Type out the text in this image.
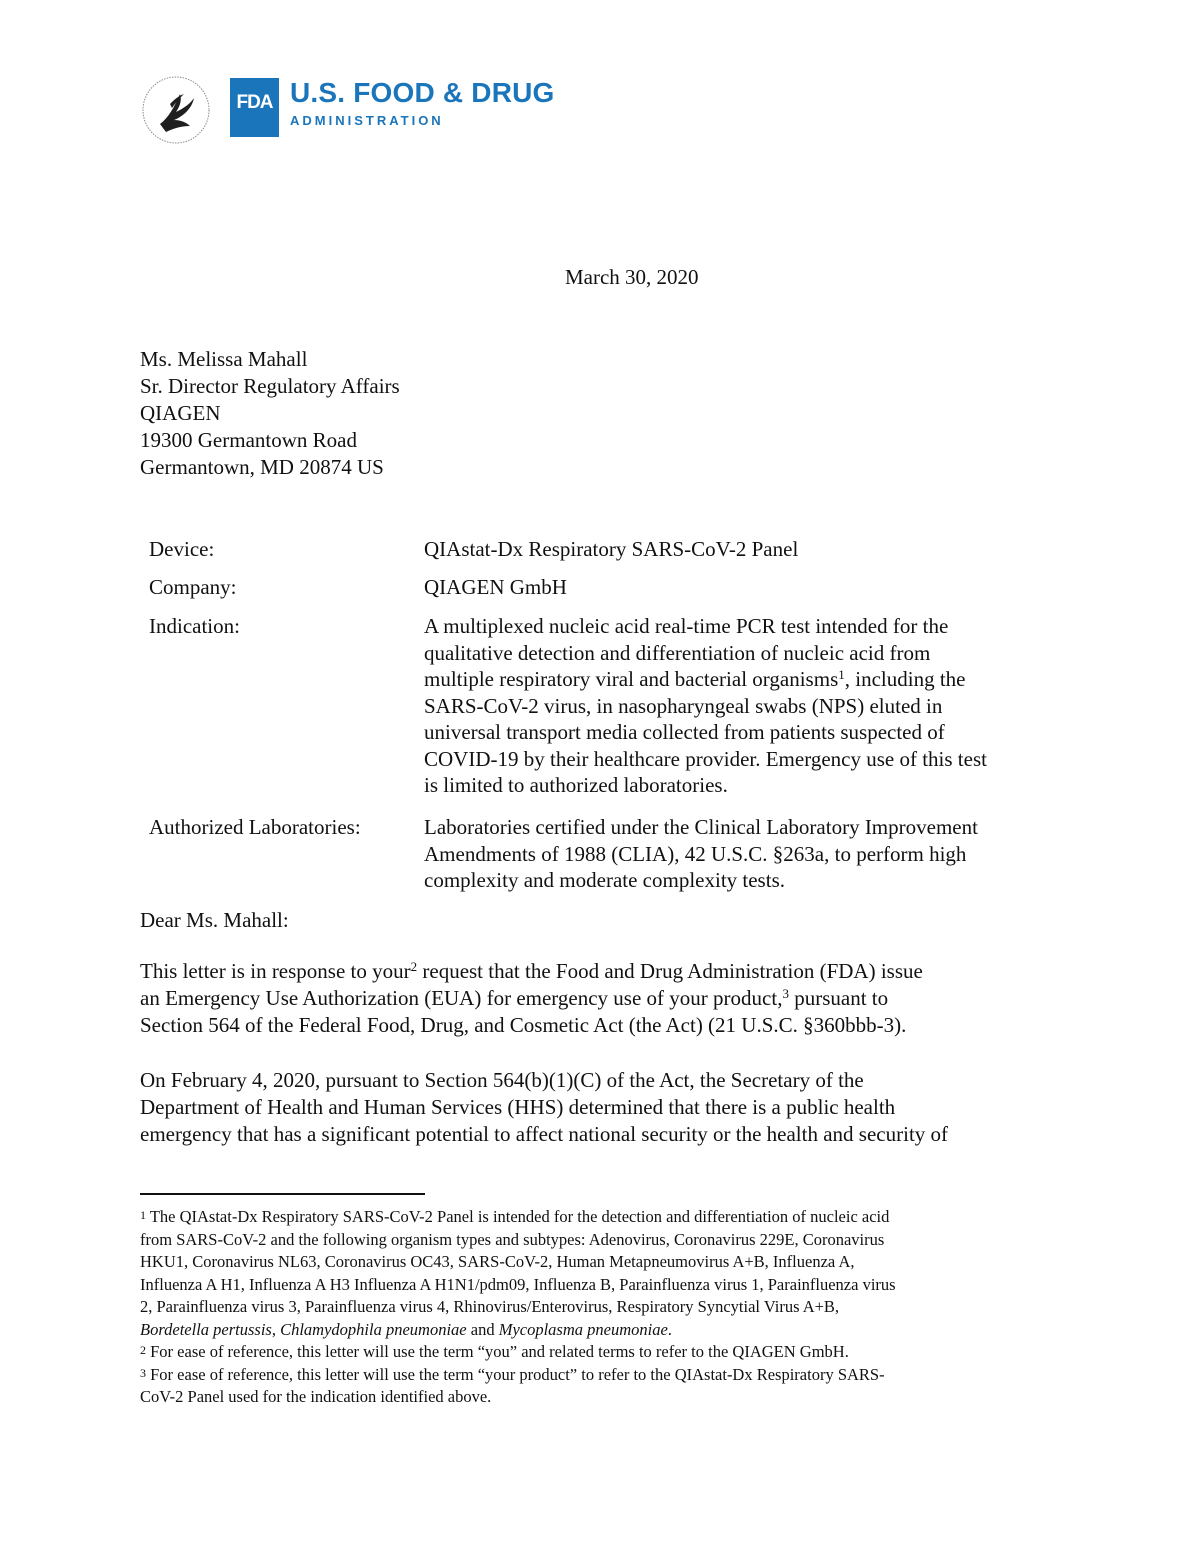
FDA U.S. FOOD & DRUG
ADMINISTRATION
March 30, 2020
Ms. Melissa Mahall
Sr. Director Regulatory Affairs
QIAGEN
19300 Germantown Road
Germantown, MD 20874 US
Device:	QIAstat-Dx Respiratory SARS-CoV-2 Panel
Company:	QIAGEN GmbH
Indication:	A multiplexed nucleic acid real-time PCR test intended for the
qualitative detection and differentiation of nucleic acid from
multiple respiratory viral and bacterial organisms$^1$, including the
SARS-CoV-2 virus, in nasopharyngeal swabs (NPS) eluted in
universal transport media collected from patients suspected of
COVID-19 by their healthcare provider. Emergency use of this test
is limited to authorized laboratories.
Authorized Laboratories:	Laboratories certified under the Clinical Laboratory Improvement
Amendments of 1988 (CLIA), 42 U.S.C. §263a, to perform high
complexity and moderate complexity tests.
Dear Ms. Mahall:
This letter is in response to your$^2$ request that the Food and Drug Administration (FDA) issue
an Emergency Use Authorization (EUA) for emergency use of your product,$^3$ pursuant to
Section 564 of the Federal Food, Drug, and Cosmetic Act (the Act) (21 U.S.C. §360bbb-3).
On February 4, 2020, pursuant to Section 564(b)(1)(C) of the Act, the Secretary of the
Department of Health and Human Services (HHS) determined that there is a public health
emergency that has a significant potential to affect national security or the health and security of
$^1$ The QIAstat-Dx Respiratory SARS-CoV-2 Panel is intended for the detection and differentiation of nucleic acid
from SARS-CoV-2 and the following organism types and subtypes: Adenovirus, Coronavirus 229E, Coronavirus
HKU1, Coronavirus NL63, Coronavirus OC43, SARS-CoV-2, Human Metapneumovirus A+B, Influenza A,
Influenza A H1, Influenza A H3 Influenza A H1N1/pdm09, Influenza B, Parainfluenza virus 1, Parainfluenza virus
2, Parainfluenza virus 3, Parainfluenza virus 4, Rhinovirus/Enterovirus, Respiratory Syncytial Virus A+B,
Bordetella pertussis, Chlamydophila pneumoniae and Mycoplasma pneumoniae.
$^2$ For ease of reference, this letter will use the term “you” and related terms to refer to the QIAGEN GmbH.
$^3$ For ease of reference, this letter will use the term “your product” to refer to the QIAstat-Dx Respiratory SARS-
CoV-2 Panel used for the indication identified above.
